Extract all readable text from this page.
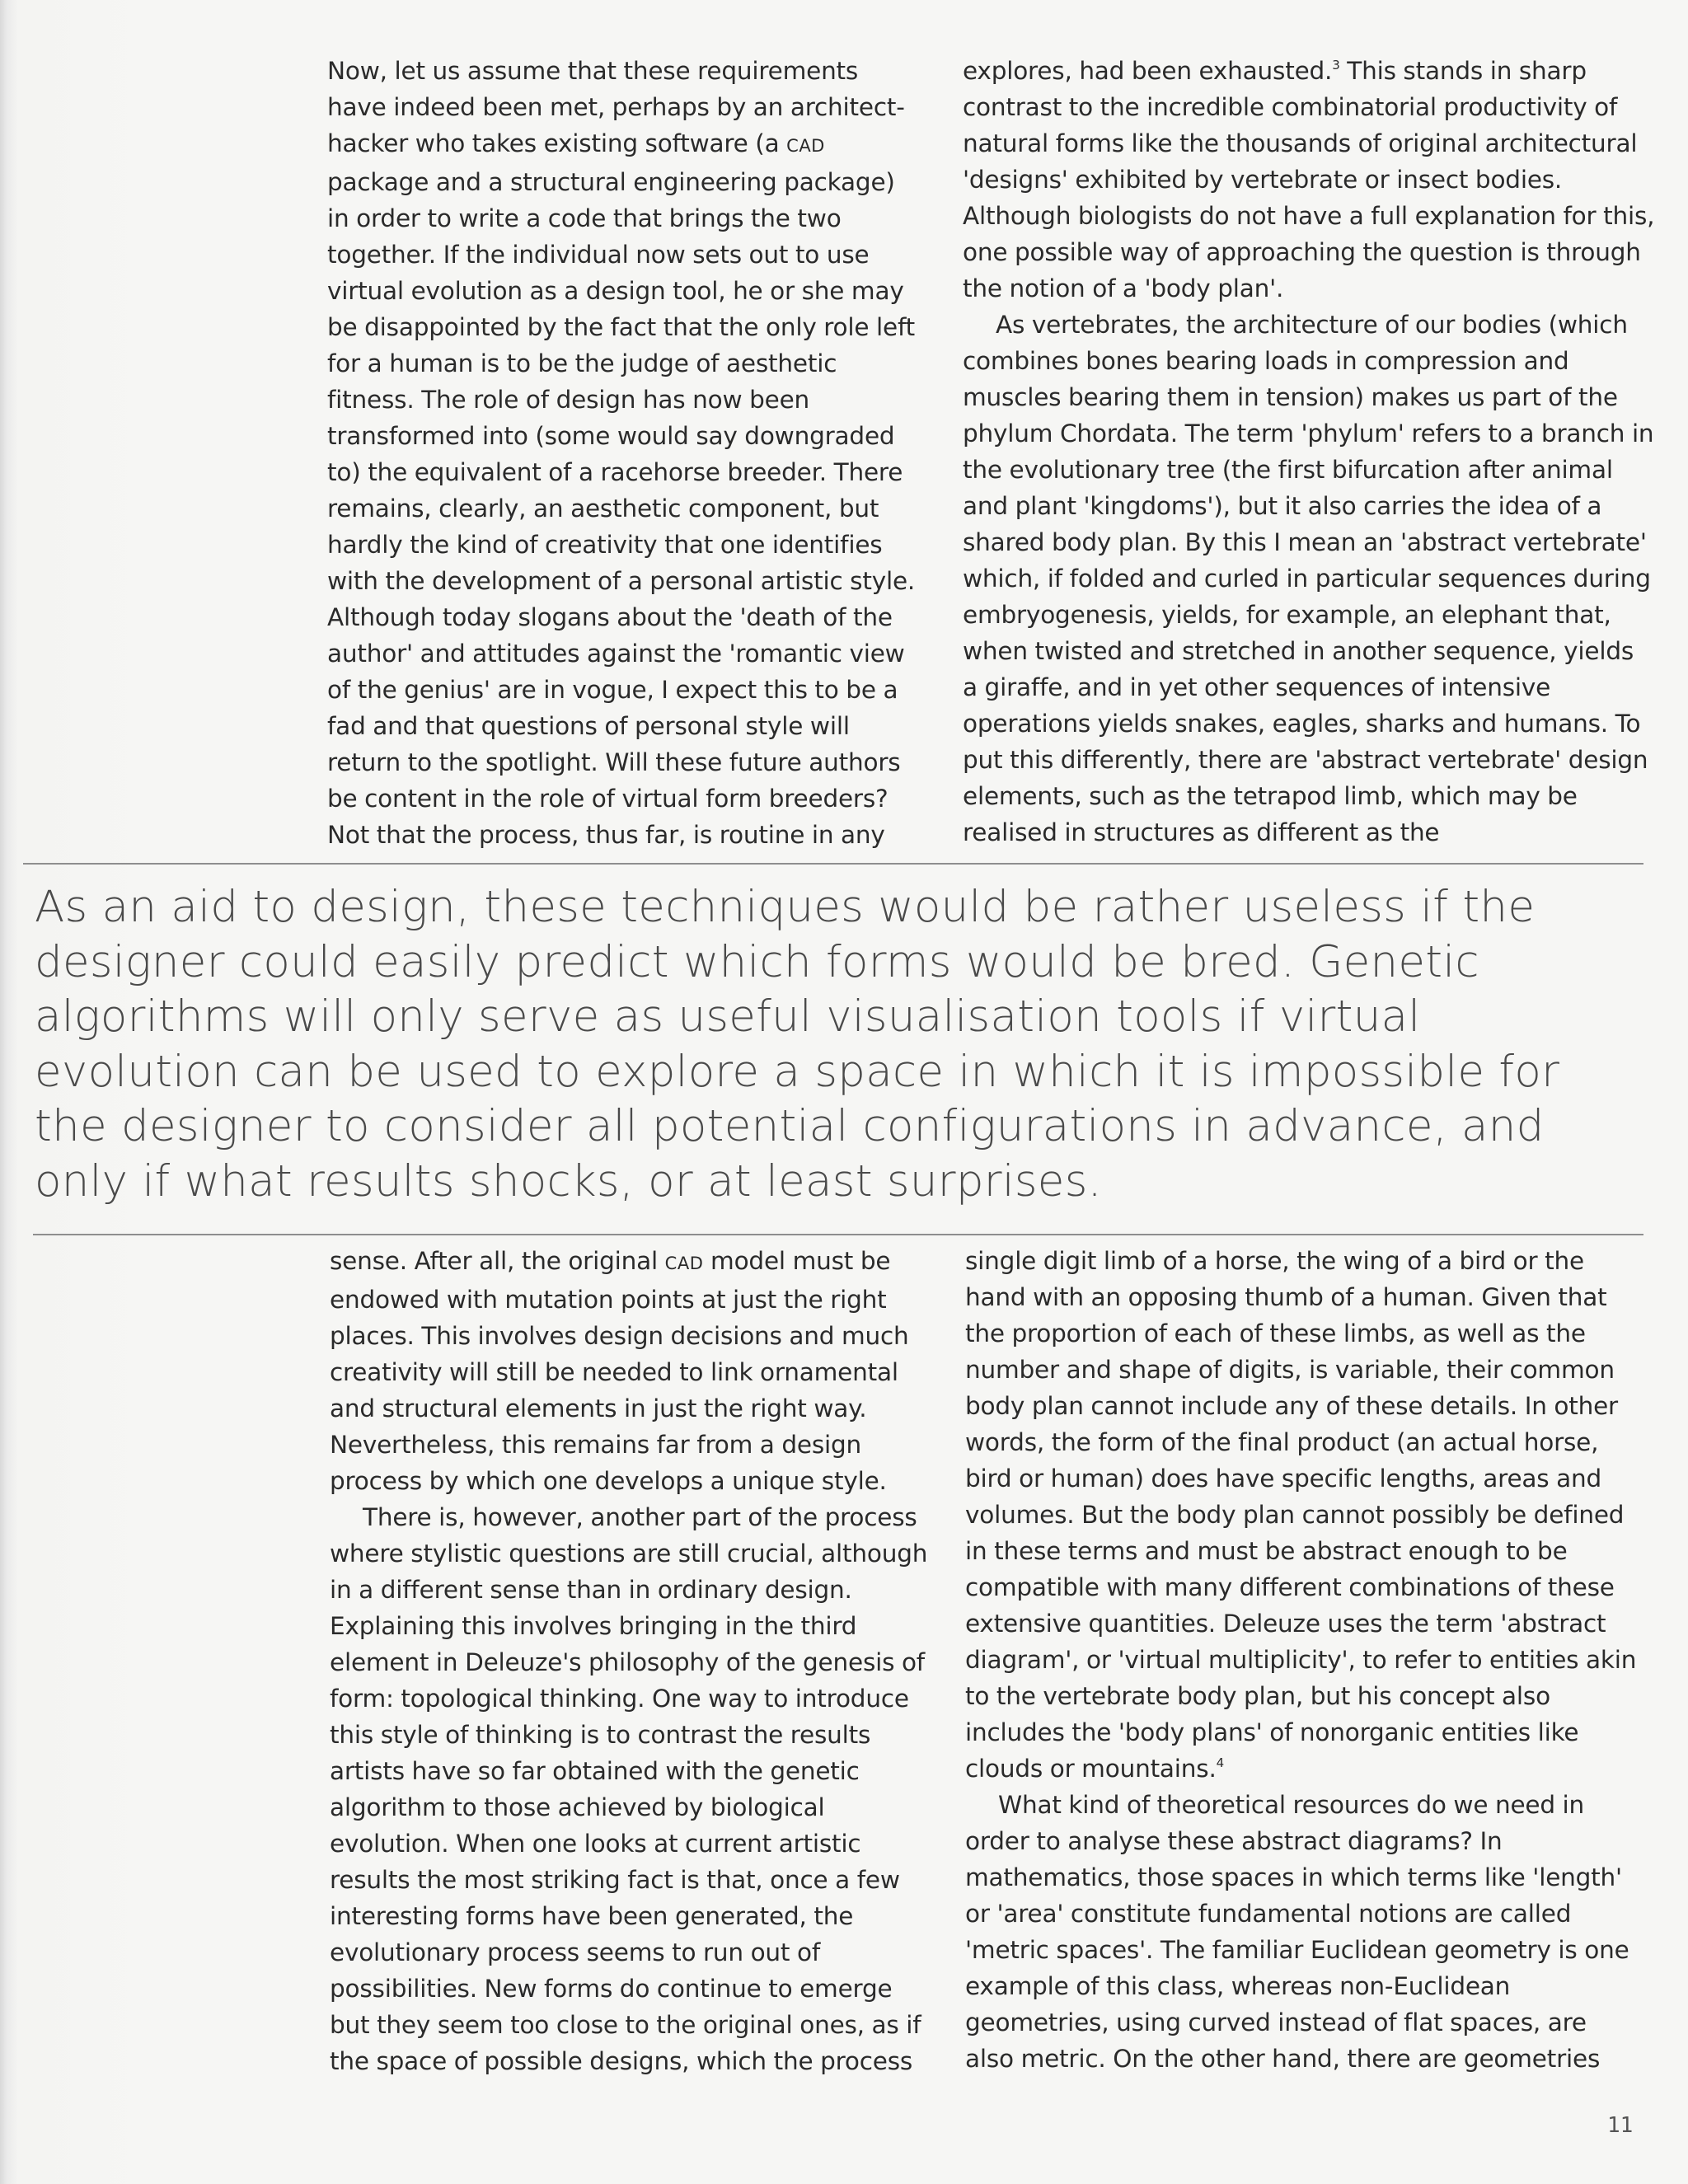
Now, let us assume that these requirements have indeed been met, perhaps by an architect-hacker who takes existing software (a CAD package and a structural engineering package) in order to write a code that brings the two together. If the individual now sets out to use virtual evolution as a design tool, he or she may be disappointed by the fact that the only role left for a human is to be the judge of aesthetic fitness. The role of design has now been transformed into (some would say downgraded to) the equivalent of a racehorse breeder. There remains, clearly, an aesthetic component, but hardly the kind of creativity that one identifies with the development of a personal artistic style. Although today slogans about the 'death of the author' and attitudes against the 'romantic view of the genius' are in vogue, I expect this to be a fad and that questions of personal style will return to the spotlight. Will these future authors be content in the role of virtual form breeders? Not that the process, thus far, is routine in any

explores, had been exhausted.$^3$ This stands in sharp contrast to the incredible combinatorial productivity of natural forms like the thousands of original architectural 'designs' exhibited by vertebrate or insect bodies. Although biologists do not have a full explanation for this, one possible way of approaching the question is through the notion of a 'body plan'.

As vertebrates, the architecture of our bodies (which combines bones bearing loads in compression and muscles bearing them in tension) makes us part of the phylum Chordata. The term 'phylum' refers to a branch in the evolutionary tree (the first bifurcation after animal and plant 'kingdoms'), but it also carries the idea of a shared body plan. By this I mean an 'abstract vertebrate' which, if folded and curled in particular sequences during embryogenesis, yields, for example, an elephant that, when twisted and stretched in another sequence, yields a giraffe, and in yet other sequences of intensive operations yields snakes, eagles, sharks and humans. To put this differently, there are 'abstract vertebrate' design elements, such as the tetrapod limb, which may be realised in structures as different as the

As an aid to design, these techniques would be rather useless if the designer could easily predict which forms would be bred. Genetic algorithms will only serve as useful visualisation tools if virtual evolution can be used to explore a space in which it is impossible for the designer to consider all potential configurations in advance, and only if what results shocks, or at least surprises.

sense. After all, the original CAD model must be endowed with mutation points at just the right places. This involves design decisions and much creativity will still be needed to link ornamental and structural elements in just the right way. Nevertheless, this remains far from a design process by which one develops a unique style.

There is, however, another part of the process where stylistic questions are still crucial, although in a different sense than in ordinary design. Explaining this involves bringing in the third element in Deleuze's philosophy of the genesis of form: topological thinking. One way to introduce this style of thinking is to contrast the results artists have so far obtained with the genetic algorithm to those achieved by biological evolution. When one looks at current artistic results the most striking fact is that, once a few interesting forms have been generated, the evolutionary process seems to run out of possibilities. New forms do continue to emerge but they seem too close to the original ones, as if the space of possible designs, which the process

single digit limb of a horse, the wing of a bird or the hand with an opposing thumb of a human. Given that the proportion of each of these limbs, as well as the number and shape of digits, is variable, their common body plan cannot include any of these details. In other words, the form of the final product (an actual horse, bird or human) does have specific lengths, areas and volumes. But the body plan cannot possibly be defined in these terms and must be abstract enough to be compatible with many different combinations of these extensive quantities. Deleuze uses the term 'abstract diagram', or 'virtual multiplicity', to refer to entities akin to the vertebrate body plan, but his concept also includes the 'body plans' of nonorganic entities like clouds or mountains.$^4$

What kind of theoretical resources do we need in order to analyse these abstract diagrams? In mathematics, those spaces in which terms like 'length' or 'area' constitute fundamental notions are called 'metric spaces'. The familiar Euclidean geometry is one example of this class, whereas non-Euclidean geometries, using curved instead of flat spaces, are also metric. On the other hand, there are geometries

11
